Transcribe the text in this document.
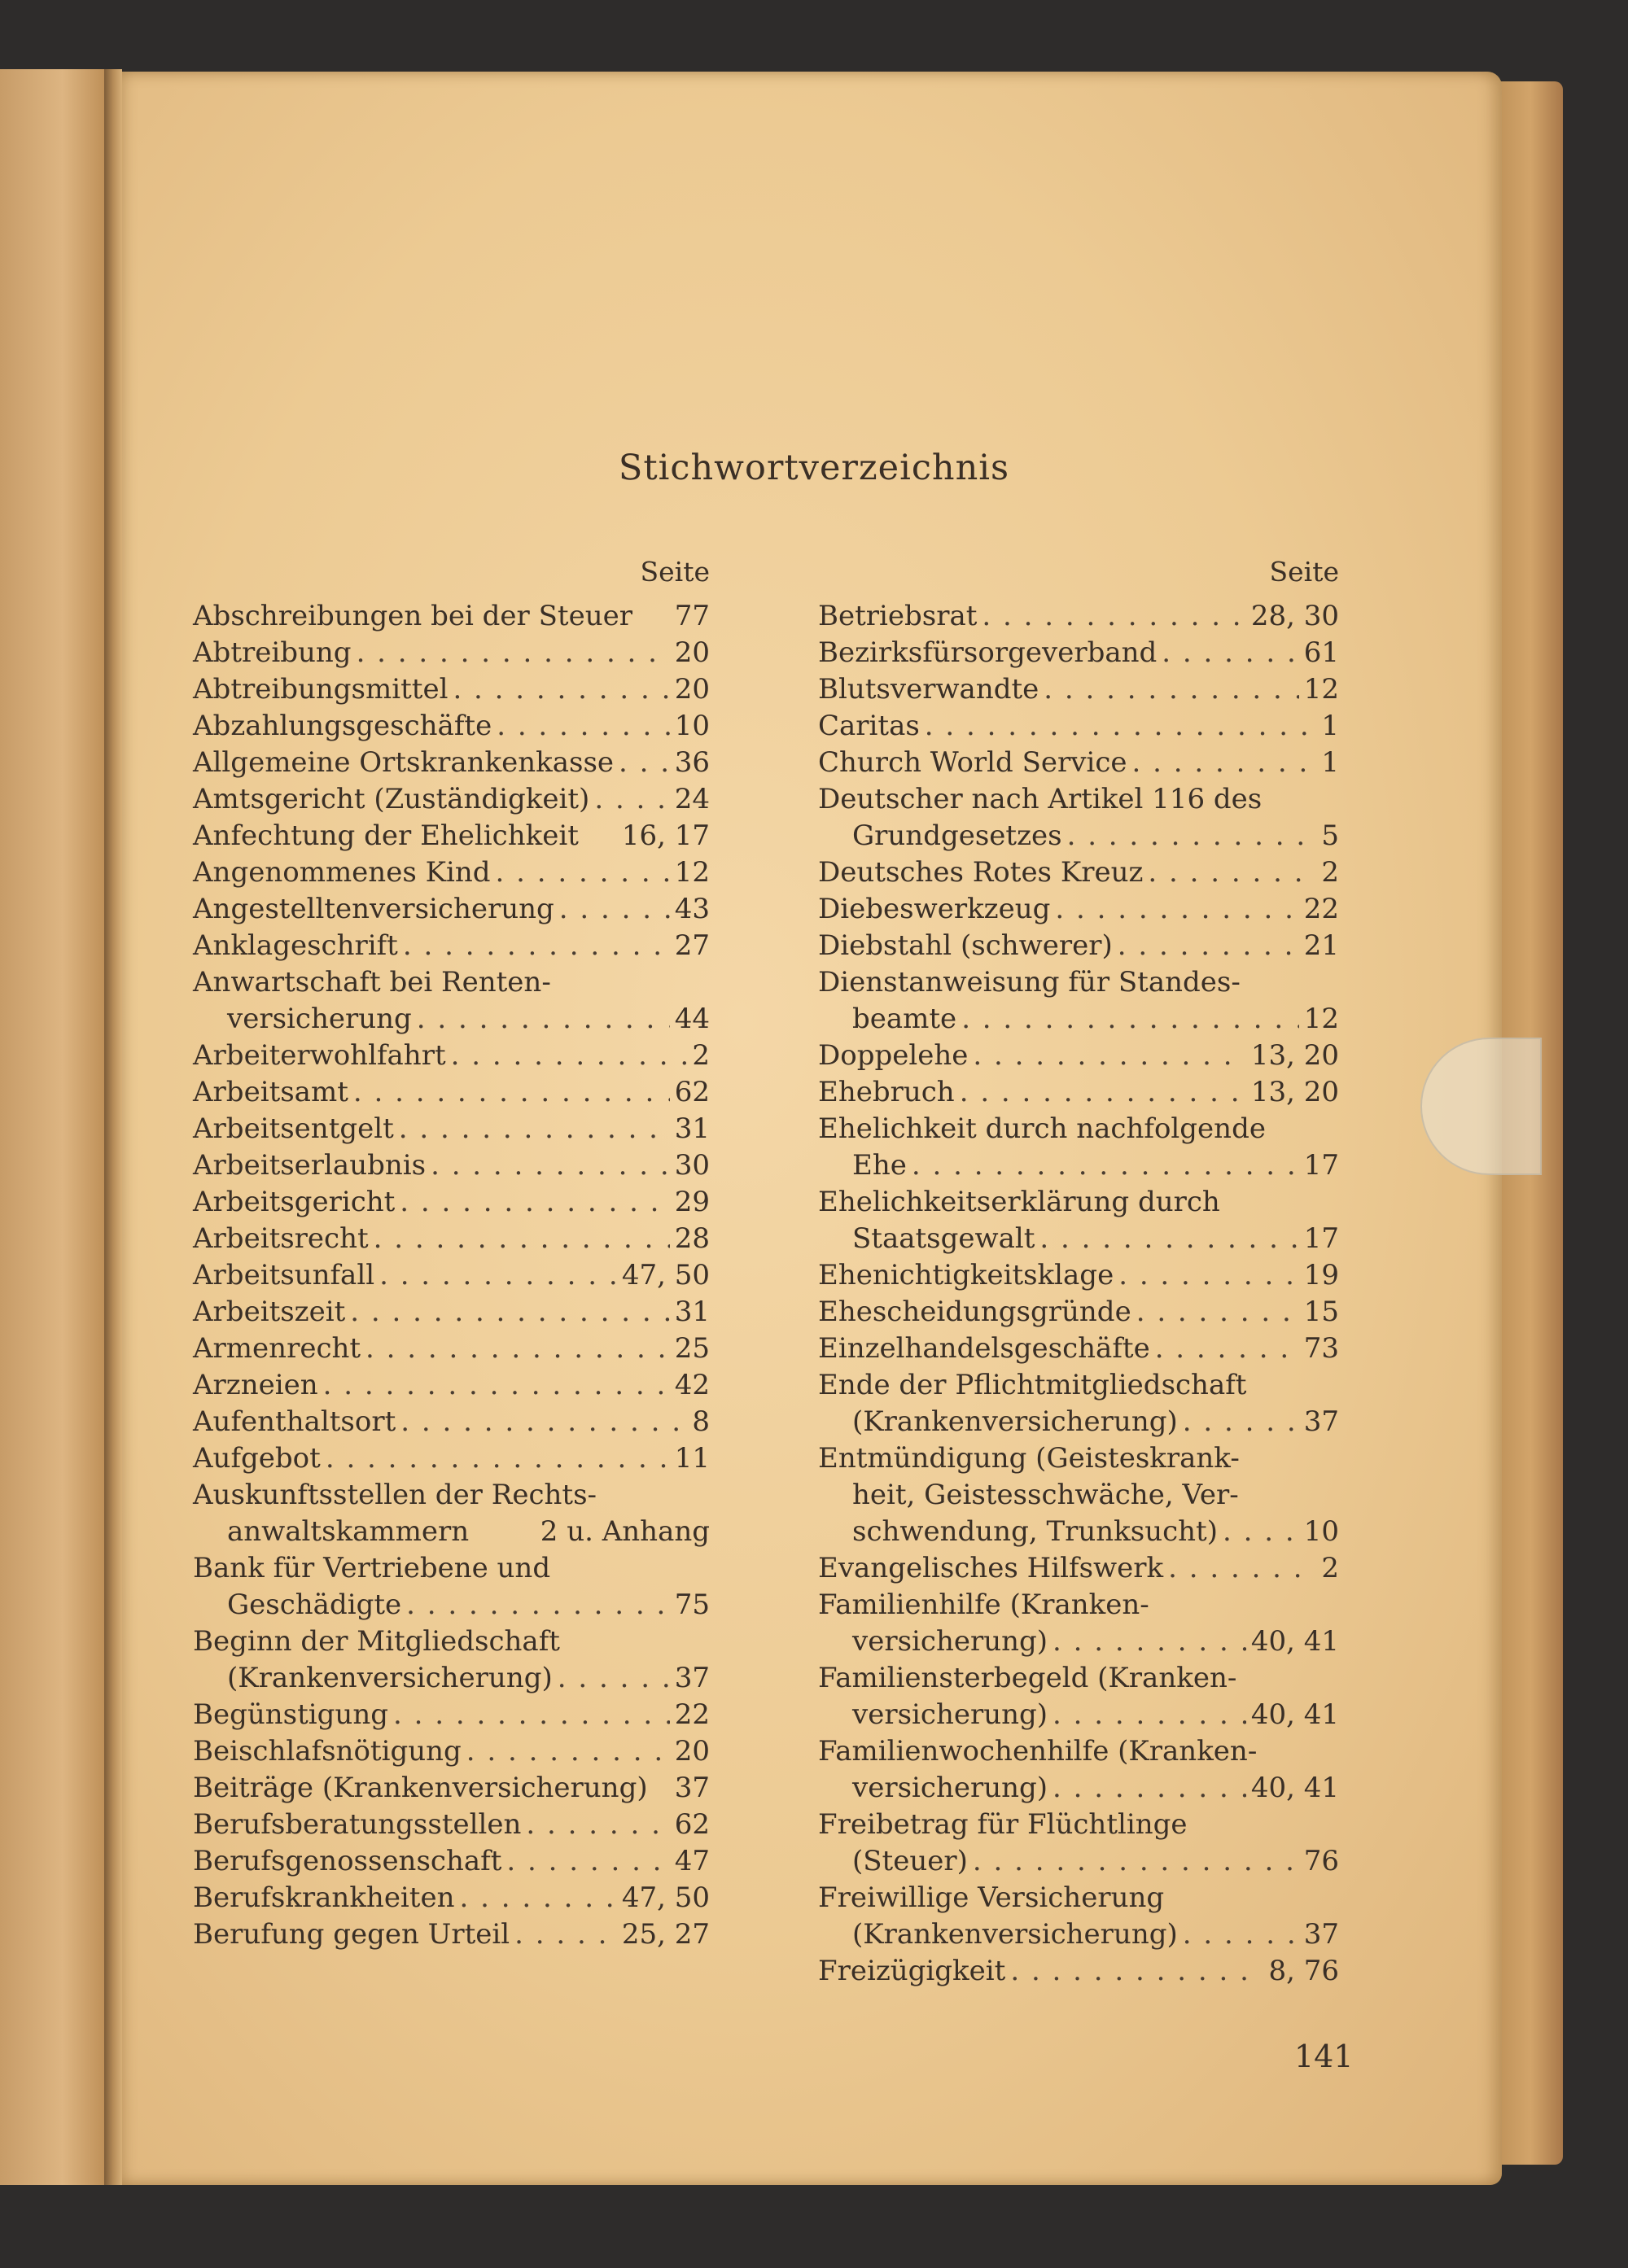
Stichwortverzeichnis
Seite
Abschreibungen bei der Steuer 77
Abtreibung . . .	20
Abtreibungsmittel . . .	20
Abzahlungsgeschäfte . . .	10
Allgemeine Ortskrankenkasse . . . 36
Amtsgericht (Zuständigkeit) . . .	24
Anfechtung der Ehelichkeit 16, 17
Angenommenes Kind . . .	12
Angestelltenversicherung . . .	43
Anklageschrift . . .	27
Anwartschaft bei Renten-
versicherung . . .	44
Arbeiterwohlfahrt . . .	2
Arbeitsamt . . .	62
Arbeitsentgelt . . .	31
Arbeitserlaubnis . . .	30
Arbeitsgericht . . .	29
Arbeitsrecht . . .	28
Arbeitsunfall . . .	47, 50
Arbeitszeit . . .	31
Armenrecht . . .	25
Arzneien . . .	42
Aufenthaltsort . . .	8
Aufgebot . . .	11
Auskunftsstellen der Rechts-
anwaltskammern	2 u. Anhang
Bank für Vertriebene und
Geschädigte . . .	75
Beginn der Mitgliedschaft
(Krankenversicherung) . . .	37
Begünstigung . . .	22
Beischlafsnötigung . . .	20
Beiträge (Krankenversicherung) 37
Berufsberatungsstellen . . .	62
Berufsgenossenschaft . . .	47
Berufskrankheiten . . .	47, 50
Berufung gegen Urteil . . .	25, 27
Seite
Betriebsrat . . .	28, 30
Bezirksfürsorgeverband . . .	61
Blutsverwandte . . .	12
Caritas . . .	1
Church World Service . . .	1
Deutscher nach Artikel 116 des
Grundgesetzes . . .	5
Deutsches Rotes Kreuz . . .	2
Diebeswerkzeug . . .	22
Diebstahl (schwerer) . . .	21
Dienstanweisung für Standes-
beamte . . .	12
Doppelehe . . .	13, 20
Ehebruch . . .	13, 20
Ehelichkeit durch nachfolgende
Ehe . . .	17
Ehelichkeitserklärung durch
Staatsgewalt . . .	17
Ehenichtigkeitsklage . . .	19
Ehescheidungsgründe . . .	15
Einzelhandelsgeschäfte . . .	73
Ende der Pflichtmitgliedschaft
(Krankenversicherung) . . .	37
Entmündigung (Geisteskrank-
heit, Geistesschwäche, Ver-
schwendung, Trunksucht) . . .	10
Evangelisches Hilfswerk . . .	2
Familienhilfe (Kranken-
versicherung) . . .	40, 41
Familiensterbegeld (Kranken-
versicherung) . . .	40, 41
Familienwochenhilfe (Kranken-
versicherung) . . .	40, 41
Freibetrag für Flüchtlinge
(Steuer) . . .	76
Freiwillige Versicherung
(Krankenversicherung) . . .	37
Freizügigkeit . . .	8, 76
141
